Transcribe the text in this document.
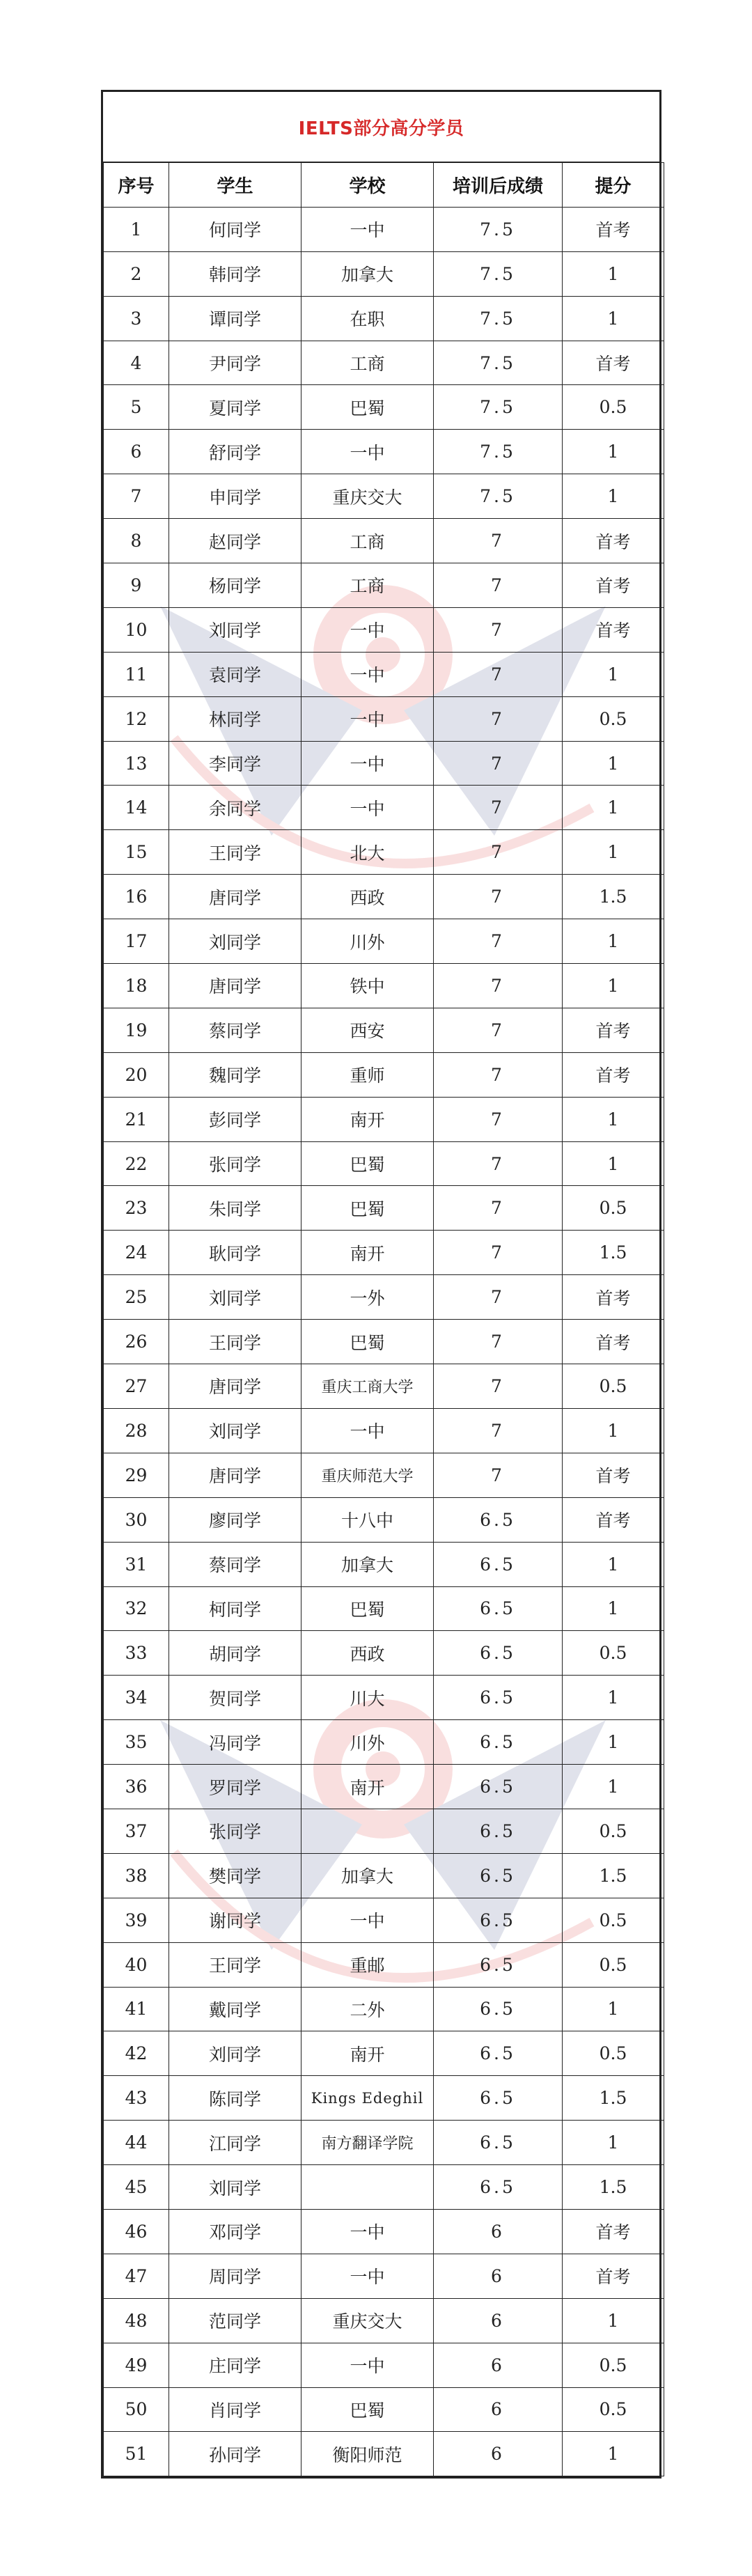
IELTS部分高分学员
序号	学生	学校	培训后成绩	提分
1	何同学	一中	7.5	首考
2	韩同学	加拿大	7.5	1
3	谭同学	在职	7.5	1
4	尹同学	工商	7.5	首考
5	夏同学	巴蜀	7.5	0.5
6	舒同学	一中	7.5	1
7	申同学	重庆交大	7.5	1
8	赵同学	工商	7	首考
9	杨同学	工商	7	首考
10	刘同学	一中	7	首考
11	袁同学	一中	7	1
12	林同学	一中	7	0.5
13	李同学	一中	7	1
14	余同学	一中	7	1
15	王同学	北大	7	1
16	唐同学	西政	7	1.5
17	刘同学	川外	7	1
18	唐同学	铁中	7	1
19	蔡同学	西安	7	首考
20	魏同学	重师	7	首考
21	彭同学	南开	7	1
22	张同学	巴蜀	7	1
23	朱同学	巴蜀	7	0.5
24	耿同学	南开	7	1.5
25	刘同学	一外	7	首考
26	王同学	巴蜀	7	首考
27	唐同学	重庆工商大学	7	0.5
28	刘同学	一中	7	1
29	唐同学	重庆师范大学	7	首考
30	廖同学	十八中	6.5	首考
31	蔡同学	加拿大	6.5	1
32	柯同学	巴蜀	6.5	1
33	胡同学	西政	6.5	0.5
34	贺同学	川大	6.5	1
35	冯同学	川外	6.5	1
36	罗同学	南开	6.5	1
37	张同学		6.5	0.5
38	樊同学	加拿大	6.5	1.5
39	谢同学	一中	6.5	0.5
40	王同学	重邮	6.5	0.5
41	戴同学	二外	6.5	1
42	刘同学	南开	6.5	0.5
43	陈同学	Kings Edeghil	6.5	1.5
44	江同学	南方翻译学院	6.5	1
45	刘同学		6.5	1.5
46	邓同学	一中	6	首考
47	周同学	一中	6	首考
48	范同学	重庆交大	6	1
49	庄同学	一中	6	0.5
50	肖同学	巴蜀	6	0.5
51	孙同学	衡阳师范	6	1
